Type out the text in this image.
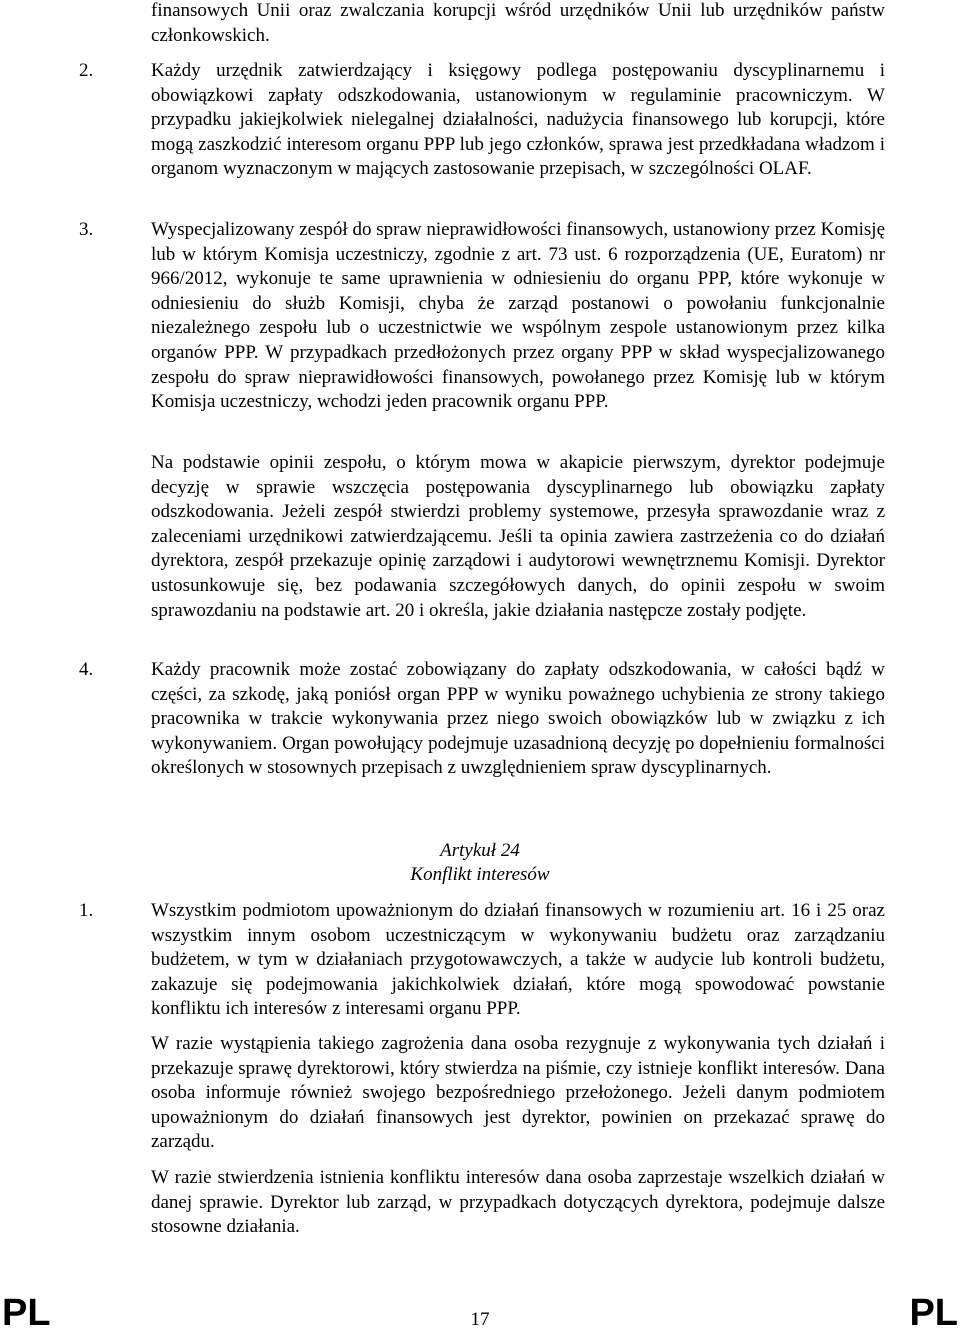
finansowych Unii oraz zwalczania korupcji wśród urzędników Unii lub urzędników państw członkowskich.

2.	Każdy urzędnik zatwierdzający i księgowy podlega postępowaniu dyscyplinarnemu i obowiązkowi zapłaty odszkodowania, ustanowionym w regulaminie pracowniczym. W przypadku jakiejkolwiek nielegalnej działalności, nadużycia finansowego lub korupcji, które mogą zaszkodzić interesom organu PPP lub jego członków, sprawa jest przedkładana władzom i organom wyznaczonym w mających zastosowanie przepisach, w szczególności OLAF.

3.	Wyspecjalizowany zespół do spraw nieprawidłowości finansowych, ustanowiony przez Komisję lub w którym Komisja uczestniczy, zgodnie z art. 73 ust. 6 rozporządzenia (UE, Euratom) nr 966/2012, wykonuje te same uprawnienia w odniesieniu do organu PPP, które wykonuje w odniesieniu do służb Komisji, chyba że zarząd postanowi o powołaniu funkcjonalnie niezależnego zespołu lub o uczestnictwie we wspólnym zespole ustanowionym przez kilka organów PPP. W przypadkach przedłożonych przez organy PPP w skład wyspecjalizowanego zespołu do spraw nieprawidłowości finansowych, powołanego przez Komisję lub w którym Komisja uczestniczy, wchodzi jeden pracownik organu PPP.

Na podstawie opinii zespołu, o którym mowa w akapicie pierwszym, dyrektor podejmuje decyzję w sprawie wszczęcia postępowania dyscyplinarnego lub obowiązku zapłaty odszkodowania. Jeżeli zespół stwierdzi problemy systemowe, przesyła sprawozdanie wraz z zaleceniami urzędnikowi zatwierdzającemu. Jeśli ta opinia zawiera zastrzeżenia co do działań dyrektora, zespół przekazuje opinię zarządowi i audytorowi wewnętrznemu Komisji. Dyrektor ustosunkowuje się, bez podawania szczegółowych danych, do opinii zespołu w swoim sprawozdaniu na podstawie art. 20 i określa, jakie działania następcze zostały podjęte.

4.	Każdy pracownik może zostać zobowiązany do zapłaty odszkodowania, w całości bądź w części, za szkodę, jaką poniósł organ PPP w wyniku poważnego uchybienia ze strony takiego pracownika w trakcie wykonywania przez niego swoich obowiązków lub w związku z ich wykonywaniem. Organ powołujący podejmuje uzasadnioną decyzję po dopełnieniu formalności określonych w stosownych przepisach z uwzględnieniem spraw dyscyplinarnych.

Artykuł 24

Konflikt interesów

1.	Wszystkim podmiotom upoważnionym do działań finansowych w rozumieniu art. 16 i 25 oraz wszystkim innym osobom uczestniczącym w wykonywaniu budżetu oraz zarządzaniu budżetem, w tym w działaniach przygotowawczych, a także w audycie lub kontroli budżetu, zakazuje się podejmowania jakichkolwiek działań, które mogą spowodować powstanie konfliktu ich interesów z interesami organu PPP.

W razie wystąpienia takiego zagrożenia dana osoba rezygnuje z wykonywania tych działań i przekazuje sprawę dyrektorowi, który stwierdza na piśmie, czy istnieje konflikt interesów. Dana osoba informuje również swojego bezpośredniego przełożonego. Jeżeli danym podmiotem upoważnionym do działań finansowych jest dyrektor, powinien on przekazać sprawę do zarządu.

W razie stwierdzenia istnienia konfliktu interesów dana osoba zaprzestaje wszelkich działań w danej sprawie. Dyrektor lub zarząd, w przypadkach dotyczących dyrektora, podejmuje dalsze stosowne działania.

PL	17	PL
